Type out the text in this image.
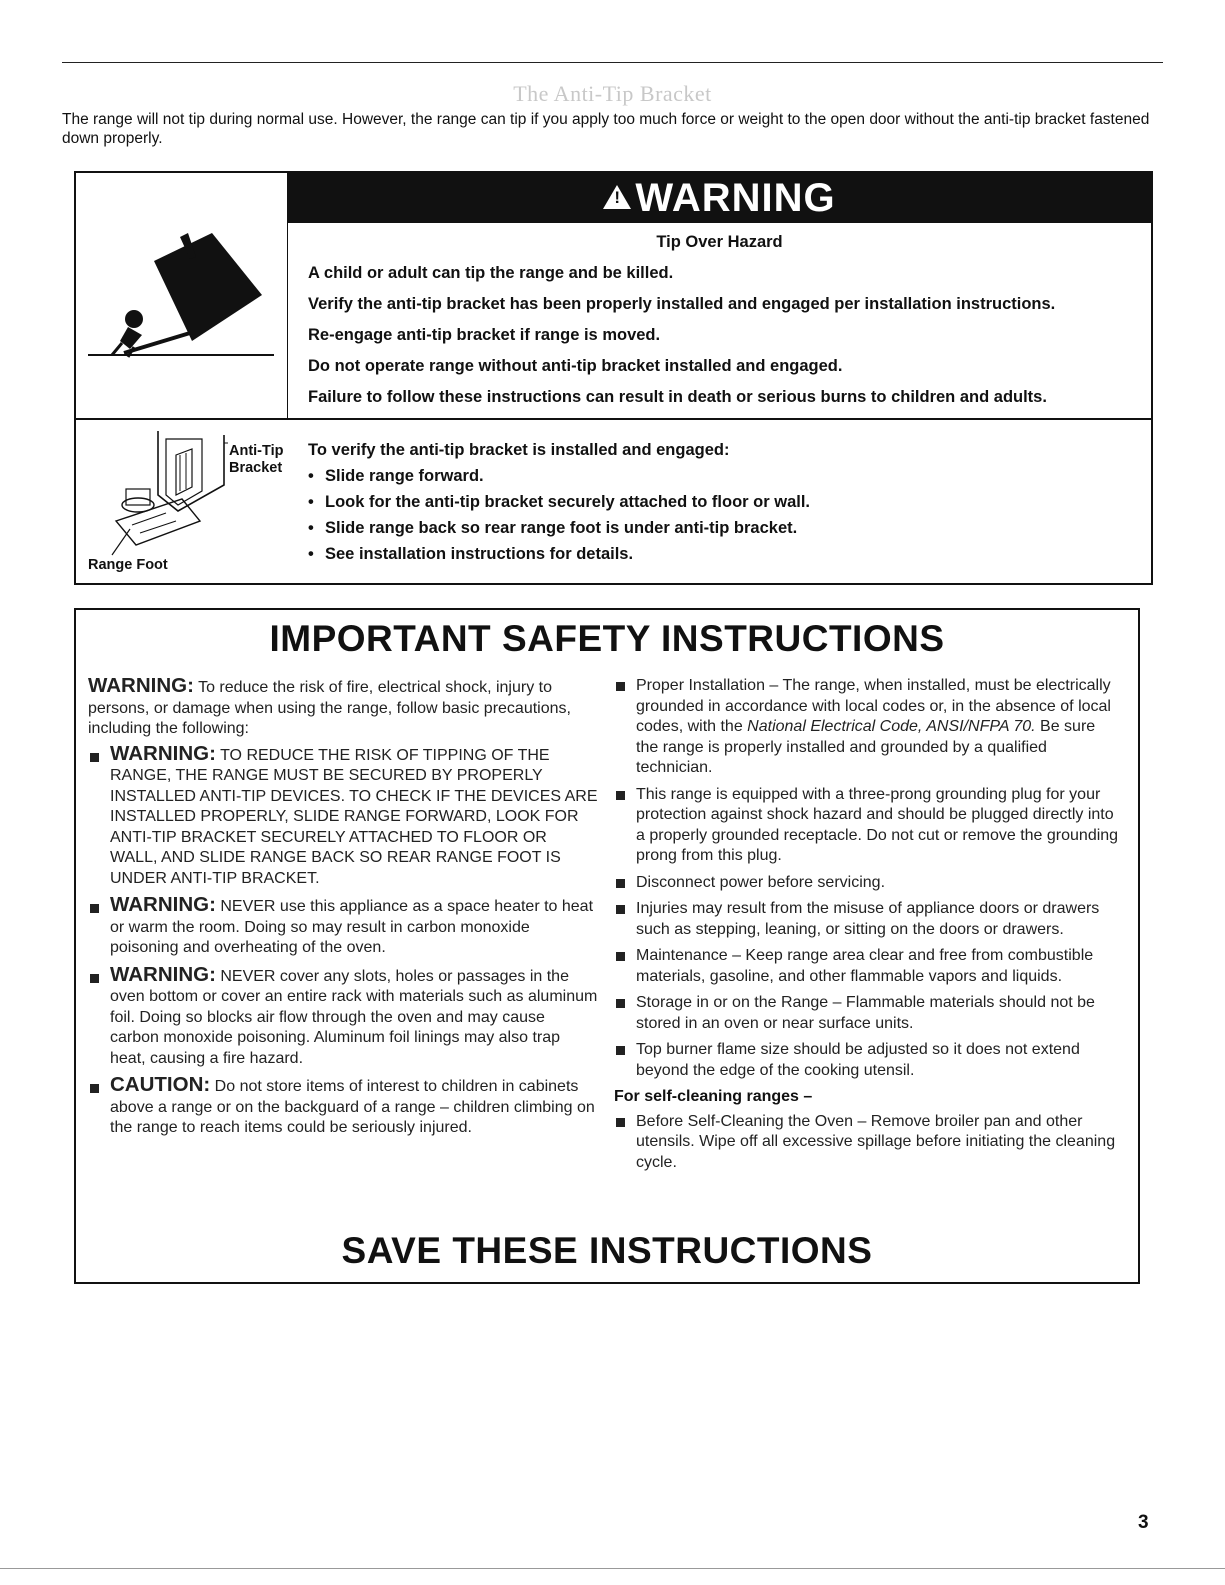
The Anti-Tip Bracket
The range will not tip during normal use. However, the range can tip if you apply too much force or weight to the open door without the anti-tip bracket fastened down properly.
!WARNING
Tip Over Hazard
A child or adult can tip the range and be killed.
Verify the anti-tip bracket has been properly installed and engaged per installation instructions.
Re-engage anti-tip bracket if range is moved.
Do not operate range without anti-tip bracket installed and engaged.
Failure to follow these instructions can result in death or serious burns to children and adults.
Anti-Tip
Bracket
Range Foot
To verify the anti-tip bracket is installed and engaged:
• Slide range forward.
• Look for the anti-tip bracket securely attached to floor or wall.
• Slide range back so rear range foot is under anti-tip bracket.
• See installation instructions for details.
IMPORTANT SAFETY INSTRUCTIONS

WARNING: To reduce the risk of fire, electrical shock, injury to persons, or damage when using the range, follow basic precautions, including the following:

WARNING: TO REDUCE THE RISK OF TIPPING OF THE RANGE, THE RANGE MUST BE SECURED BY PROPERLY INSTALLED ANTI-TIP DEVICES. TO CHECK IF THE DEVICES ARE INSTALLED PROPERLY, SLIDE RANGE FORWARD, LOOK FOR ANTI-TIP BRACKET SECURELY ATTACHED TO FLOOR OR WALL, AND SLIDE RANGE BACK SO REAR RANGE FOOT IS UNDER ANTI-TIP BRACKET.
WARNING: NEVER use this appliance as a space heater to heat or warm the room. Doing so may result in carbon monoxide poisoning and overheating of the oven.
WARNING: NEVER cover any slots, holes or passages in the oven bottom or cover an entire rack with materials such as aluminum foil. Doing so blocks air flow through the oven and may cause carbon monoxide poisoning. Aluminum foil linings may also trap heat, causing a fire hazard.
CAUTION: Do not store items of interest to children in cabinets above a range or on the backguard of a range – children climbing on the range to reach items could be seriously injured.
Proper Installation – The range, when installed, must be electrically grounded in accordance with local codes or, in the absence of local codes, with the National Electrical Code, ANSI/NFPA 70. Be sure the range is properly installed and grounded by a qualified technician.
This range is equipped with a three-prong grounding plug for your protection against shock hazard and should be plugged directly into a properly grounded receptacle. Do not cut or remove the grounding prong from this plug.
Disconnect power before servicing.
Injuries may result from the misuse of appliance doors or drawers such as stepping, leaning, or sitting on the doors or drawers.
Maintenance – Keep range area clear and free from combustible materials, gasoline, and other flammable vapors and liquids.
Storage in or on the Range – Flammable materials should not be stored in an oven or near surface units.
Top burner flame size should be adjusted so it does not extend beyond the edge of the cooking utensil.
For self-cleaning ranges –
Before Self-Cleaning the Oven – Remove broiler pan and other utensils. Wipe off all excessive spillage before initiating the cleaning cycle.
SAVE THESE INSTRUCTIONS
3
